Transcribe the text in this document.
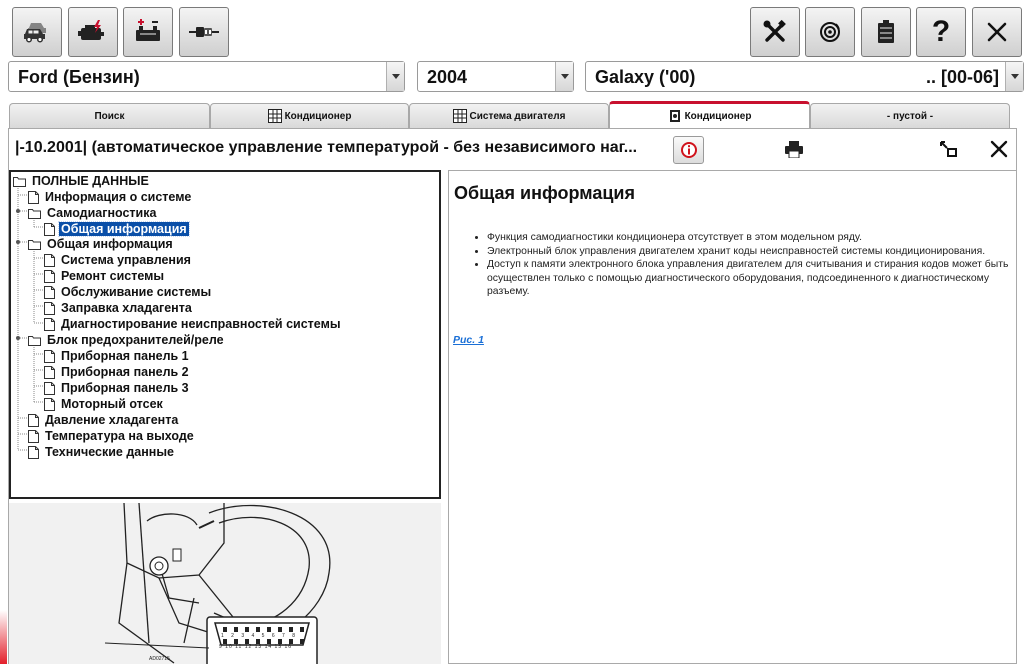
?
Ford (Бензин)	2004	Galaxy ('00)	.. [00-06]
Поиск	Кондиционер	Система двигателя	Кондиционер	- пустой -
|-10.2001| (автоматическое управление температурой - без независимого наг...
ПОЛНЫЕ ДАННЫЕ
Информация о системе
Самодиагностика
Общая информация
Общая информация
Система управления
Ремонт системы
Обслуживание системы
Заправка хладагента
Диагностирование неисправностей системы
Блок предохранителей/реле
Приборная панель 1
Приборная панель 2
Приборная панель 3
Моторный отсек
Давление хладагента
Температура на выходе
Технические данные
1 2 3 4 5 6 7 8
9 10 11 12 13 14 15 16
AD02715
Общая информация
• Функция самодиагностики кондиционера отсутствует в этом модельном ряду.
• Электронный блок управления двигателем хранит коды неисправностей системы кондиционирования.
• Доступ к памяти электронного блока управления двигателем для считывания и стирания кодов может быть осуществлен только с помощью диагностического оборудования, подсоединенного к диагностическому разъему.
Рис. 1
